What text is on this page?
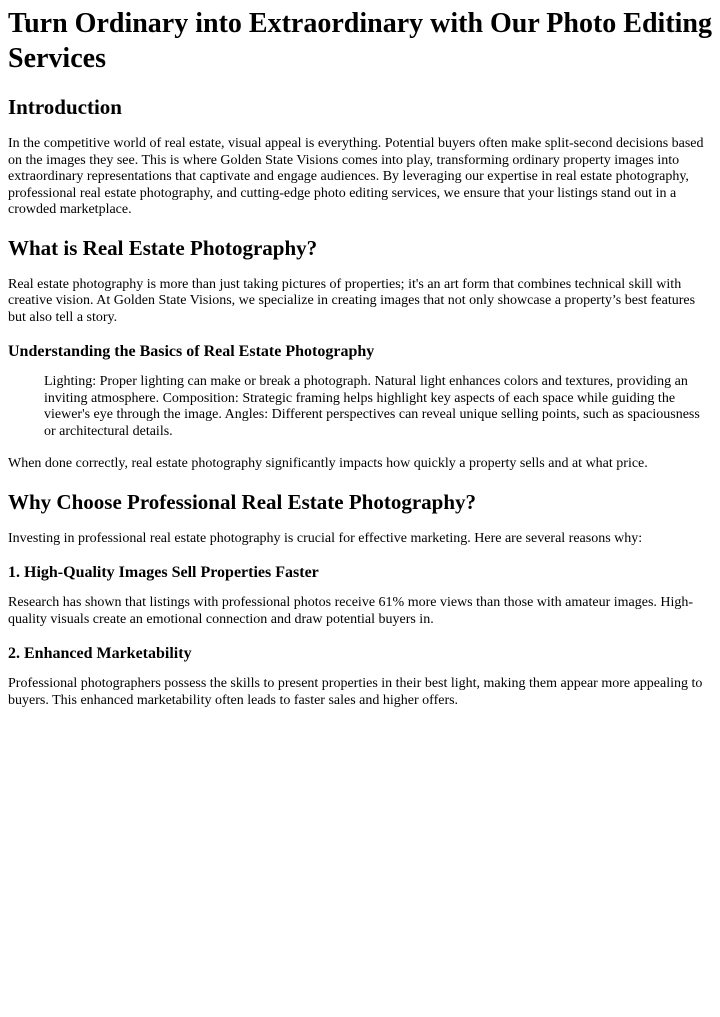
Turn Ordinary into Extraordinary with Our Photo Editing Services
Introduction

In the competitive world of real estate, visual appeal is everything. Potential buyers often make split-second decisions based on the images they see. This is where Golden State Visions comes into play, transforming ordinary property images into extraordinary representations that captivate and engage audiences. By leveraging our expertise in real estate photography, professional real estate photography, and cutting-edge photo editing services, we ensure that your listings stand out in a crowded marketplace.

What is Real Estate Photography?

Real estate photography is more than just taking pictures of properties; it's an art form that combines technical skill with creative vision. At Golden State Visions, we specialize in creating images that not only showcase a property’s best features but also tell a story.

Understanding the Basics of Real Estate Photography
Lighting: Proper lighting can make or break a photograph. Natural light enhances colors and textures, providing an inviting atmosphere. Composition: Strategic framing helps highlight key aspects of each space while guiding the viewer's eye through the image. Angles: Different perspectives can reveal unique selling points, such as spaciousness or architectural details.

When done correctly, real estate photography significantly impacts how quickly a property sells and at what price.

Why Choose Professional Real Estate Photography?

Investing in professional real estate photography is crucial for effective marketing. Here are several reasons why:

1. High-Quality Images Sell Properties Faster

Research has shown that listings with professional photos receive 61% more views than those with amateur images. High-quality visuals create an emotional connection and draw potential buyers in.

2. Enhanced Marketability

Professional photographers possess the skills to present properties in their best light, making them appear more appealing to buyers. This enhanced marketability often leads to faster sales and higher offers.
